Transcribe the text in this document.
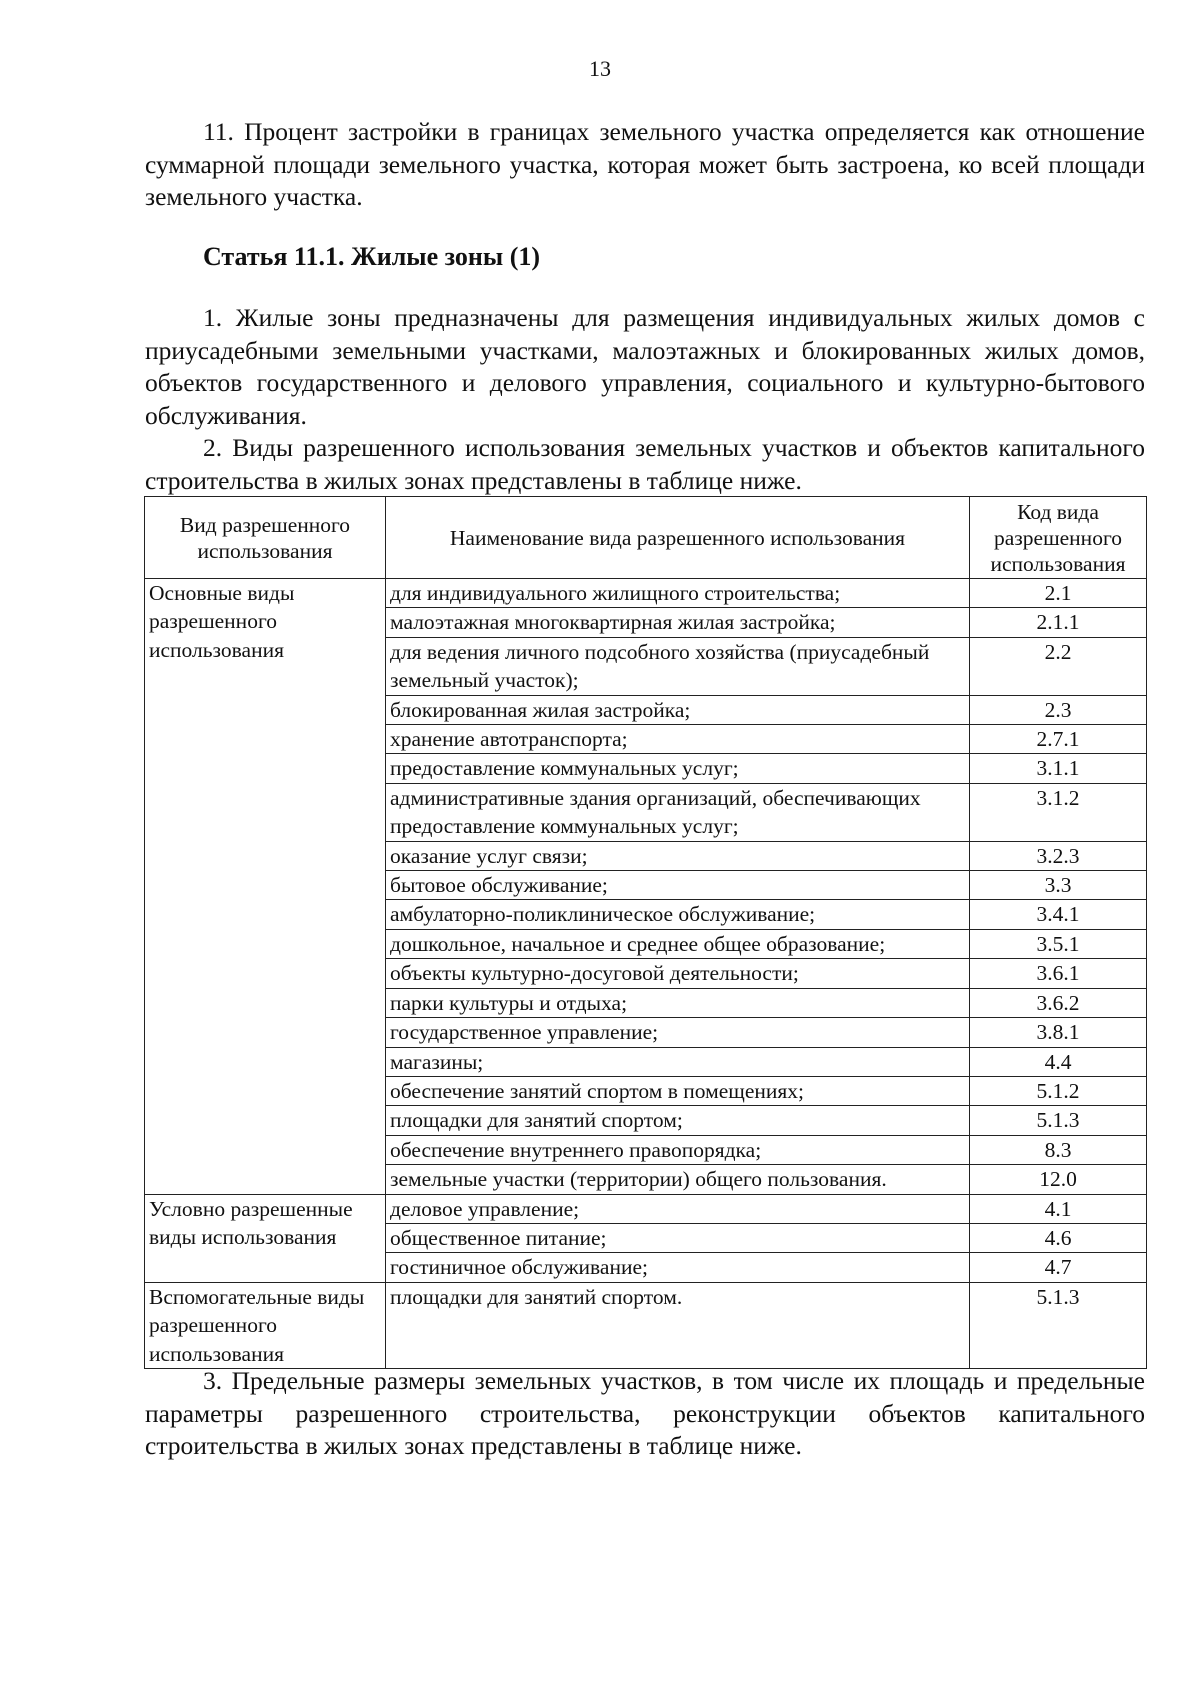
13

11. Процент застройки в границах земельного участка определяется как отношение суммарной площади земельного участка, которая может быть застроена, ко всей площади земельного участка.

Статья 11.1. Жилые зоны (1)

1. Жилые зоны предназначены для размещения индивидуальных жилых домов с приусадебными земельными участками, малоэтажных и блокированных жилых домов, объектов государственного и делового управления, социального и культурно-бытового обслуживания.

2. Виды разрешенного использования земельных участков и объектов капитального строительства в жилых зонах представлены в таблице ниже.

Вид разрешенного использования	Наименование вида разрешенного использования	Код вида разрешенного использования
Основные виды разрешенного использования	для индивидуального жилищного строительства;	2.1
	малоэтажная многоквартирная жилая застройка;	2.1.1
	для ведения личного подсобного хозяйства (приусадебный земельный участок);	2.2
	блокированная жилая застройка;	2.3
	хранение автотранспорта;	2.7.1
	предоставление коммунальных услуг;	3.1.1
	административные здания организаций, обеспечивающих предоставление коммунальных услуг;	3.1.2
	оказание услуг связи;	3.2.3
	бытовое обслуживание;	3.3
	амбулаторно-поликлиническое обслуживание;	3.4.1
	дошкольное, начальное и среднее общее образование;	3.5.1
	объекты культурно-досуговой деятельности;	3.6.1
	парки культуры и отдыха;	3.6.2
	государственное управление;	3.8.1
	магазины;	4.4
	обеспечение занятий спортом в помещениях;	5.1.2
	площадки для занятий спортом;	5.1.3
	обеспечение внутреннего правопорядка;	8.3
	земельные участки (территории) общего пользования.	12.0
Условно разрешенные виды использования	деловое управление;	4.1
	общественное питание;	4.6
	гостиничное обслуживание;	4.7
Вспомогательные виды разрешенного использования	площадки для занятий спортом.	5.1.3

3. Предельные размеры земельных участков, в том числе их площадь и предельные параметры разрешенного строительства, реконструкции объектов капитального строительства в жилых зонах представлены в таблице ниже.
